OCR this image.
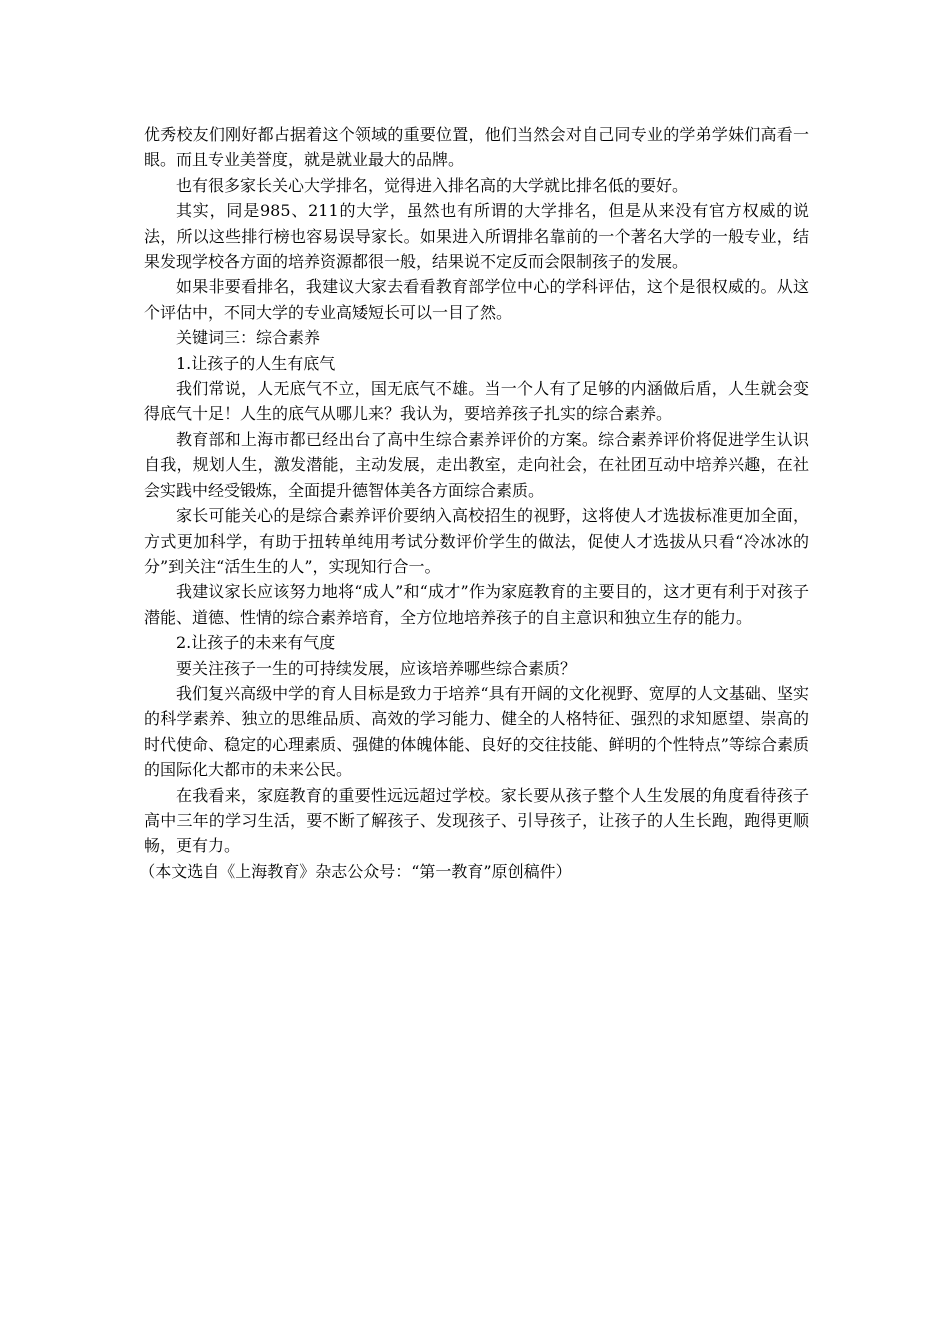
优秀校友们刚好都占据着这个领域的重要位置，他们当然会对自己同专业的学弟学妹们高看一眼。而且专业美誉度，就是就业最大的品牌。

也有很多家长关心大学排名，觉得进入排名高的大学就比排名低的要好。

其实，同是985、211的大学，虽然也有所谓的大学排名，但是从来没有官方权威的说法，所以这些排行榜也容易误导家长。如果进入所谓排名靠前的一个著名大学的一般专业，结果发现学校各方面的培养资源都很一般，结果说不定反而会限制孩子的发展。

如果非要看排名，我建议大家去看看教育部学位中心的学科评估，这个是很权威的。从这个评估中，不同大学的专业高矮短长可以一目了然。

关键词三：综合素养

1.让孩子的人生有底气

我们常说，人无底气不立，国无底气不雄。当一个人有了足够的内涵做后盾，人生就会变得底气十足！人生的底气从哪儿来？我认为，要培养孩子扎实的综合素养。

教育部和上海市都已经出台了高中生综合素养评价的方案。综合素养评价将促进学生认识自我，规划人生，激发潜能，主动发展，走出教室，走向社会，在社团互动中培养兴趣，在社会实践中经受锻炼，全面提升德智体美各方面综合素质。

家长可能关心的是综合素养评价要纳入高校招生的视野，这将使人才选拔标准更加全面，方式更加科学，有助于扭转单纯用考试分数评价学生的做法，促使人才选拔从只看“冷冰冰的分”到关注“活生生的人”，实现知行合一。

我建议家长应该努力地将“成人”和“成才”作为家庭教育的主要目的，这才更有利于对孩子潜能、道德、性情的综合素养培育，全方位地培养孩子的自主意识和独立生存的能力。

2.让孩子的未来有气度

要关注孩子一生的可持续发展，应该培养哪些综合素质？

我们复兴高级中学的育人目标是致力于培养“具有开阔的文化视野、宽厚的人文基础、坚实的科学素养、独立的思维品质、高效的学习能力、健全的人格特征、强烈的求知愿望、崇高的时代使命、稳定的心理素质、强健的体魄体能、良好的交往技能、鲜明的个性特点”等综合素质的国际化大都市的未来公民。

在我看来，家庭教育的重要性远远超过学校。家长要从孩子整个人生发展的角度看待孩子高中三年的学习生活，要不断了解孩子、发现孩子、引导孩子，让孩子的人生长跑，跑得更顺畅，更有力。

（本文选自《上海教育》杂志公众号：“第一教育”原创稿件）
